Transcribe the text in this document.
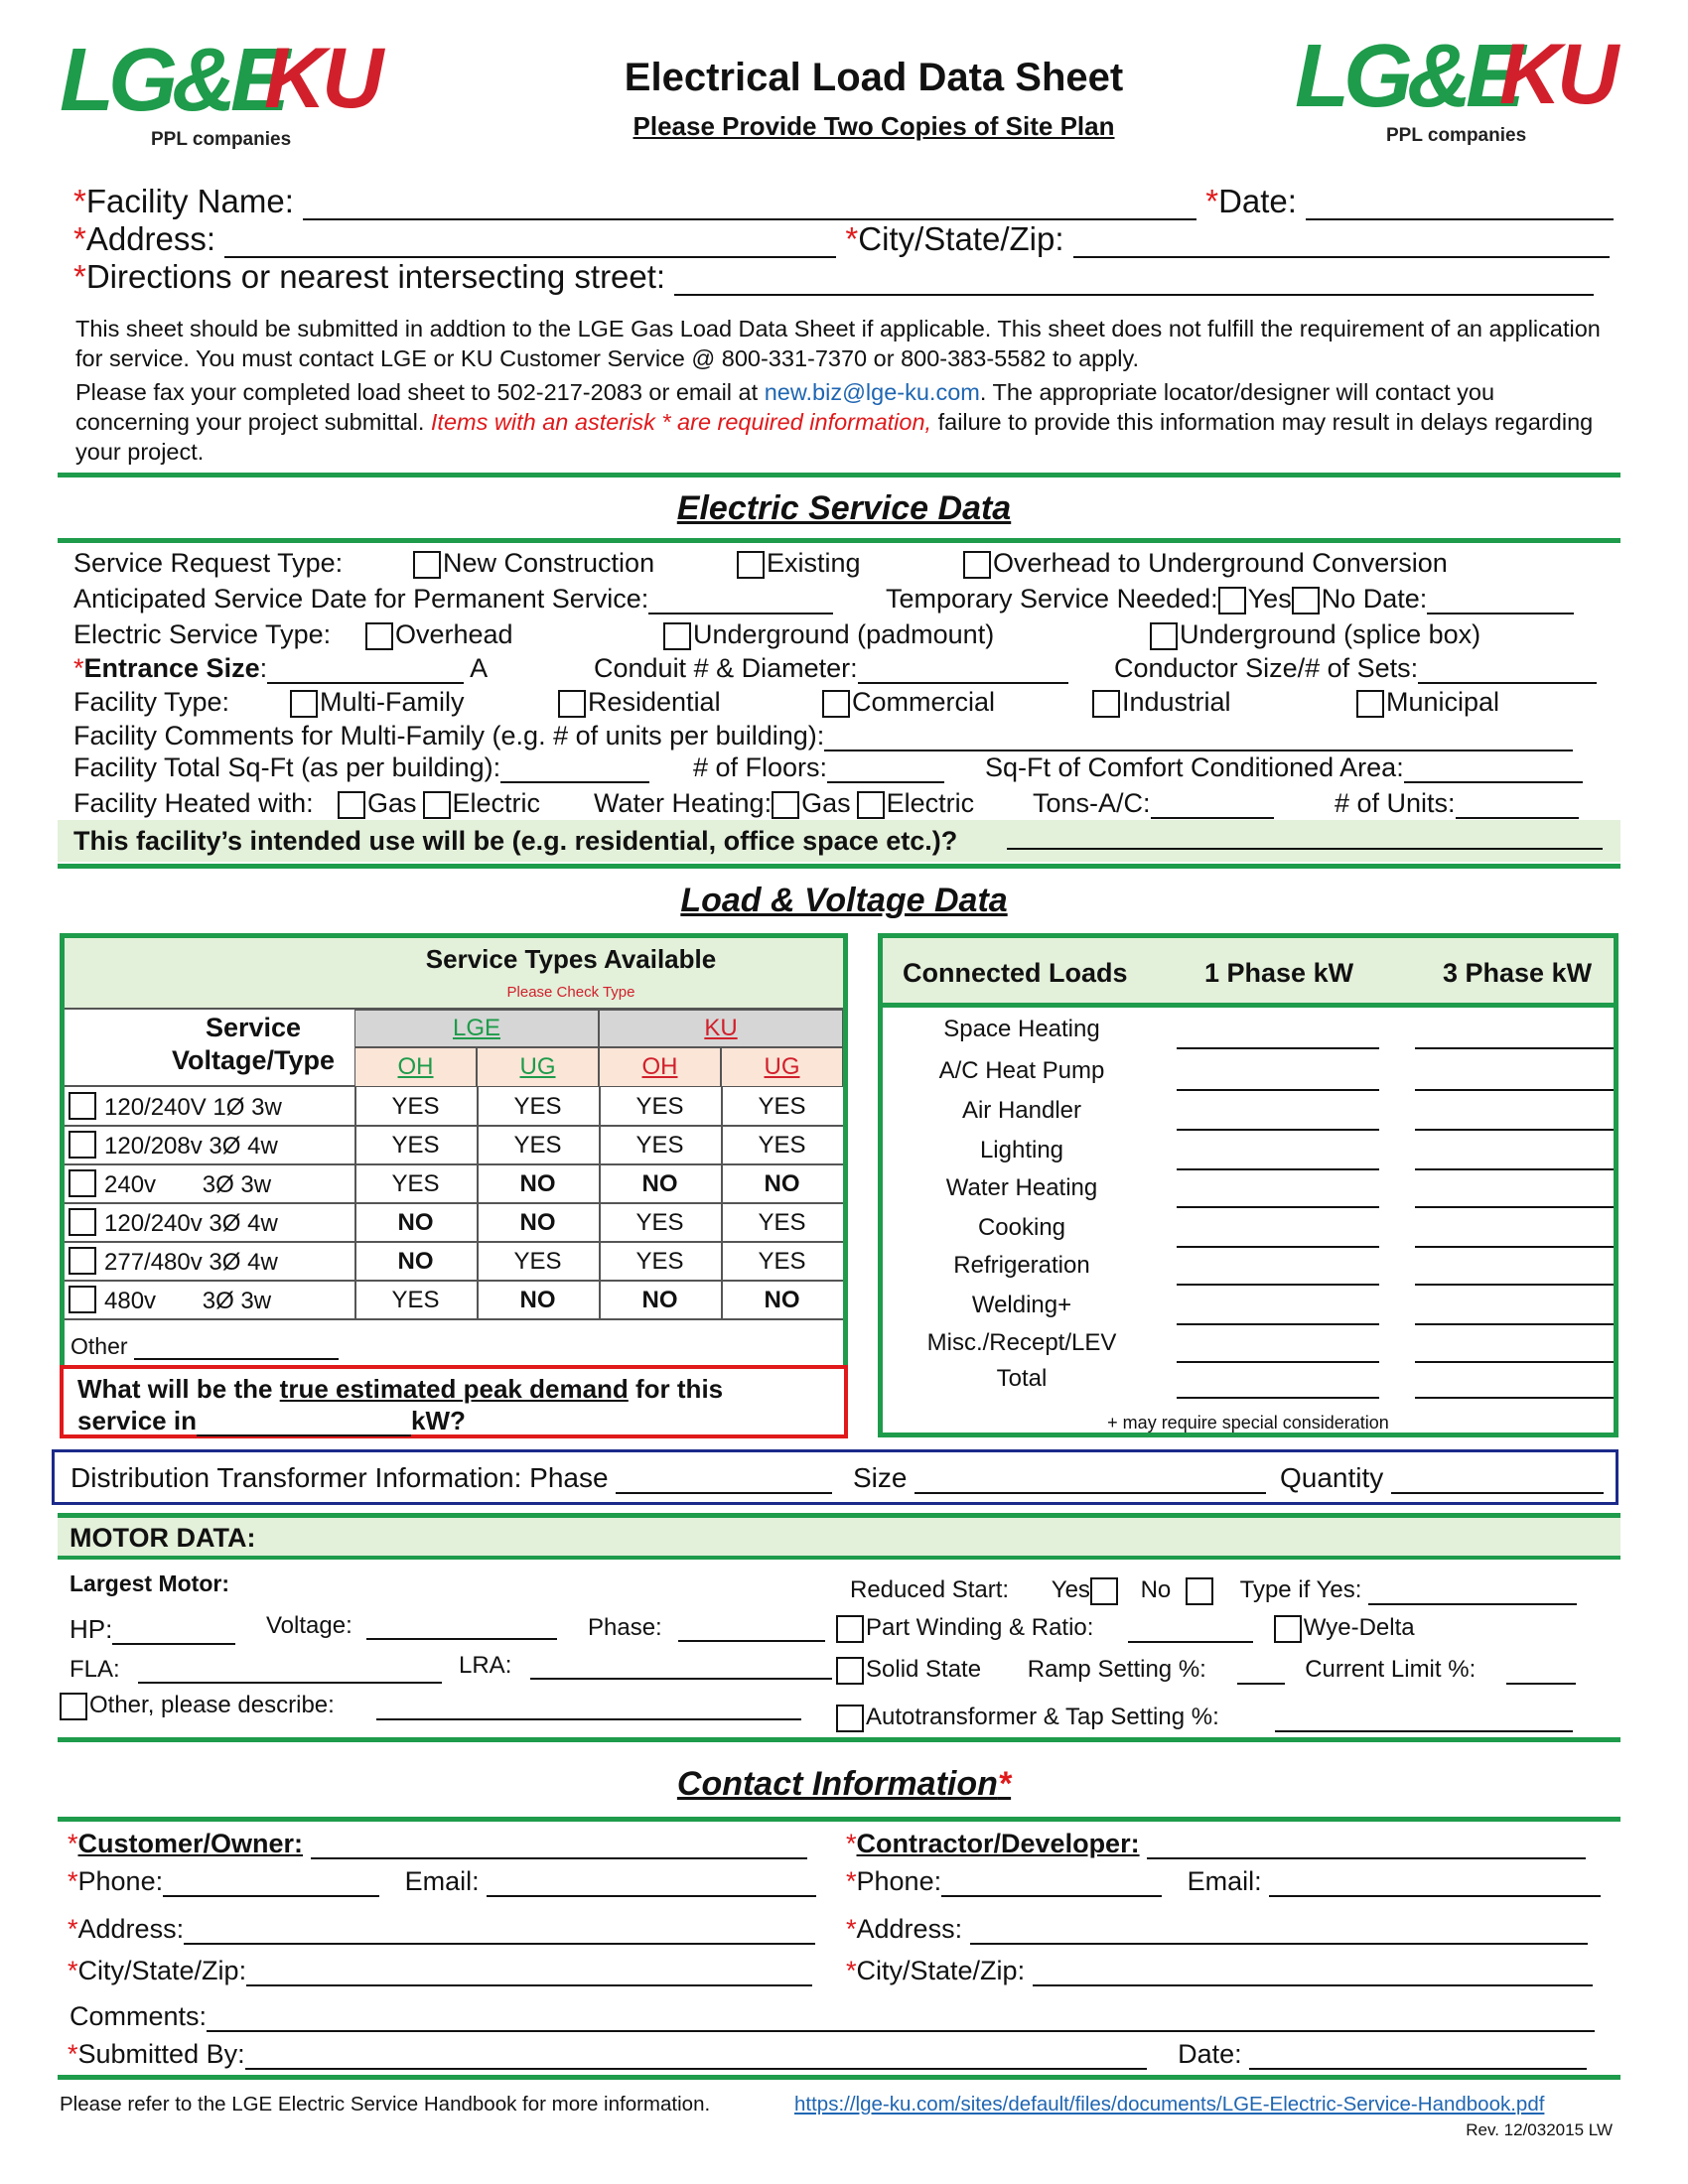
LG&E
KU
PPL companies
LG&E
KU
PPL companies
Electrical Load Data Sheet
Please Provide Two Copies of Site Plan
*Facility Name:	*Date:
*Address:	*City/State/Zip:
*Directions or nearest intersecting street:
This sheet should be submitted in addtion to the LGE Gas Load Data Sheet if applicable. This sheet does not fulfill the requirement of an application for service. You must contact LGE or KU Customer Service @ 800-331-7370 or 800-383-5582 to apply.
Please fax your completed load sheet to 502-217-2083 or email at new.biz@lge-ku.com. The appropriate locator/designer will contact you concerning your project submittal. Items with an asterisk * are required information, failure to provide this information may result in delays regarding your project.
Electric Service Data
Service Request Type:	New Construction	Existing	Overhead to Underground Conversion
Anticipated Service Date for Permanent Service:	Temporary Service Needed: Yes No Date:
Electric Service Type:	Overhead	Underground (padmount)	Underground (splice box)
*Entrance Size:	A	Conduit # & Diameter:	Conductor Size/# of Sets:
Facility Type:	Multi-Family	Residential	Commercial	Industrial	Municipal
Facility Comments for Multi-Family (e.g. # of units per building):
Facility Total Sq-Ft (as per building):	# of Floors:	Sq-Ft of Comfort Conditioned Area:
Facility Heated with:	Gas Electric Water Heating: Gas Electric Tons-A/C:	# of Units:
This facility’s intended use will be (e.g. residential, office space etc.)?
Load & Voltage Data
Service Types Available
Please Check Type
Service Voltage/Type
LGE	KU
OH	UG	OH	UG
120/240V 1Ø 3w	YES	YES	YES	YES
120/208v 3Ø 4w	YES	YES	YES	YES
240v       3Ø 3w	YES	NO	NO	NO
120/240v 3Ø 4w	NO	NO	YES	YES
277/480v 3Ø 4w	NO	YES	YES	YES
480v       3Ø 3w	YES	NO	NO	NO
Other
What will be the true estimated peak demand for this
service in	kW?
Connected Loads	1 Phase kW	3 Phase kW
Space Heating
A/C Heat Pump
Air Handler
Lighting
Water Heating
Cooking
Refrigeration
Welding+
Misc./Recept/LEV
Total
+ may require special consideration
Distribution Transformer Information: Phase	Size	Quantity
MOTOR DATA:
Largest Motor:
HP:	Voltage:	Phase:
FLA:	LRA:
Other, please describe:
Reduced Start: Yes No	Type if Yes:
Part Winding & Ratio:	Wye-Delta
Solid State Ramp Setting %:	Current Limit %:
Autotransformer & Tap Setting %:
Contact Information*
*Customer/Owner:
*Phone:	Email:
*Address:
*City/State/Zip:
*Contractor/Developer:
*Phone:	Email:
*Address:
*City/State/Zip:
Comments:
*Submitted By:	Date:
Please refer to the LGE Electric Service Handbook for more information.	https://lge-ku.com/sites/default/files/documents/LGE-Electric-Service-Handbook.pdf
Rev. 12/032015 LW
